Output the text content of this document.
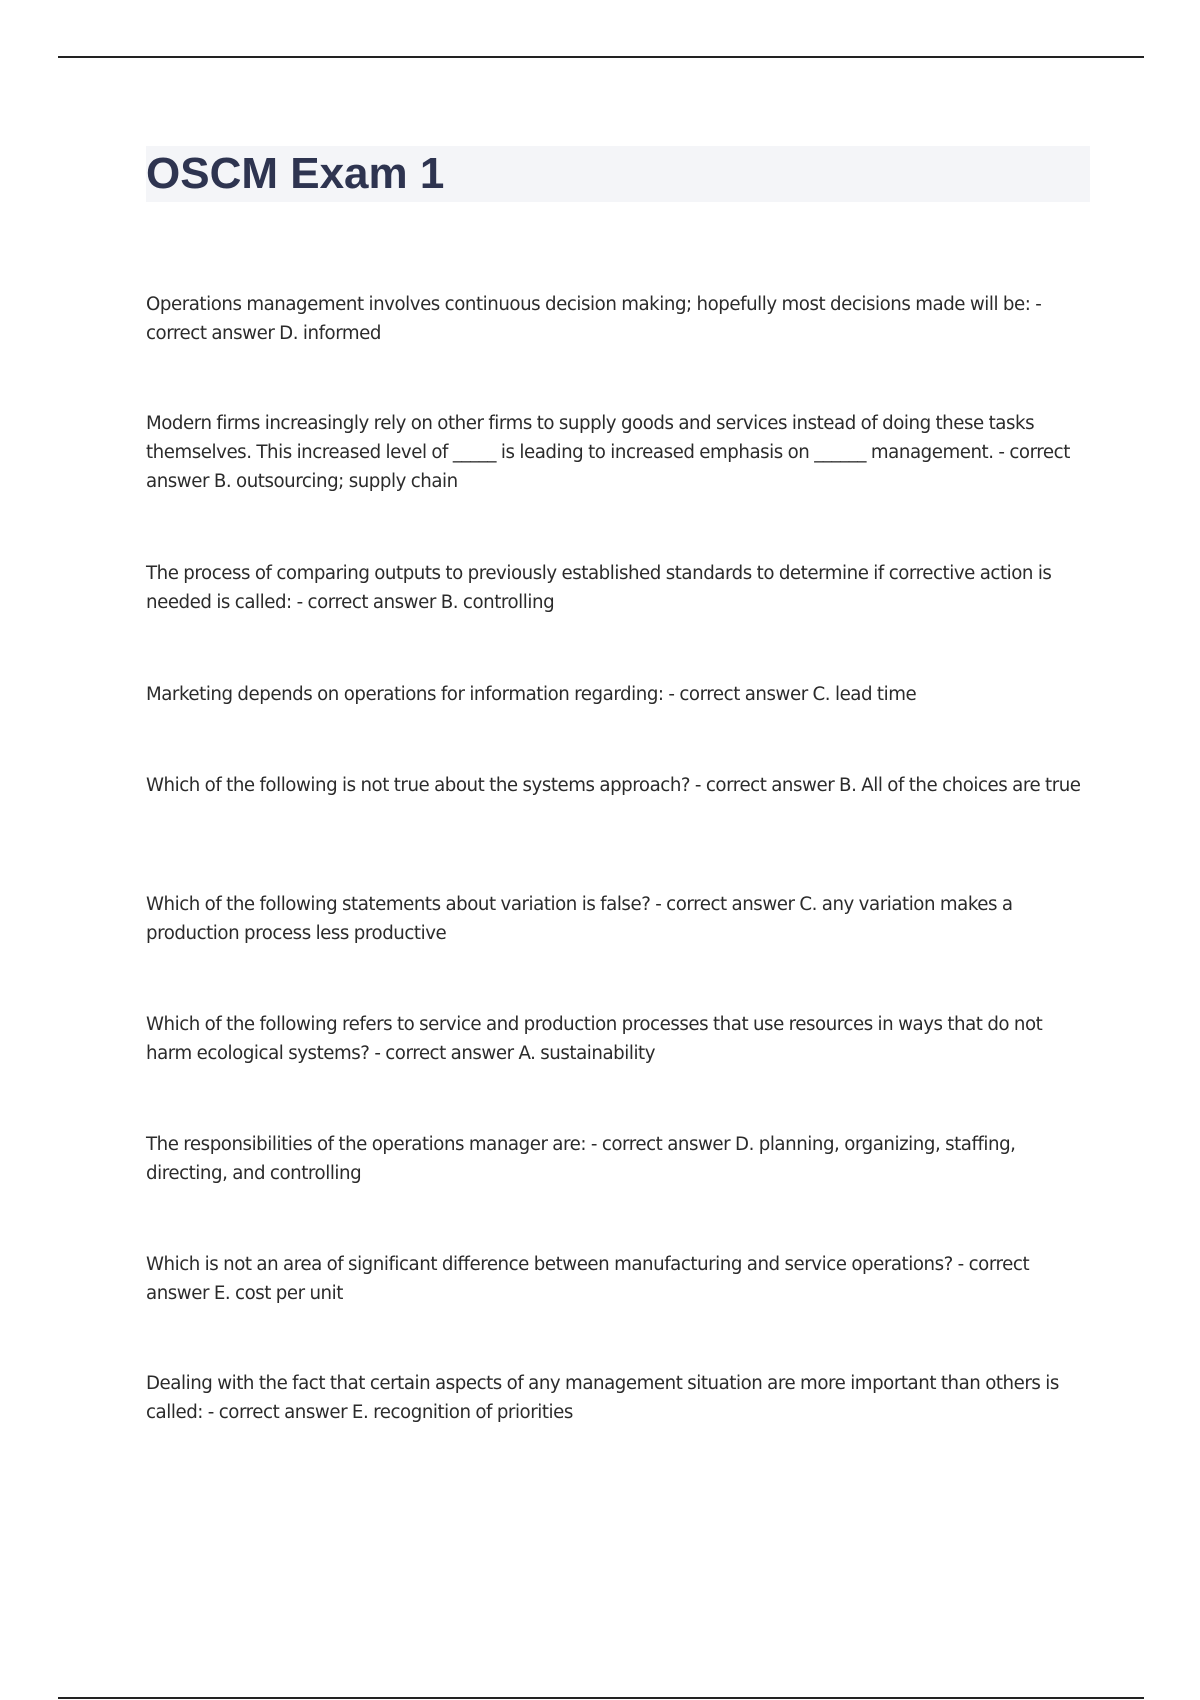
OSCM Exam 1

Operations management involves continuous decision making; hopefully most decisions made will be: - correct answer D. informed

Modern firms increasingly rely on other firms to supply goods and services instead of doing these tasks themselves. This increased level of _____ is leading to increased emphasis on ______ management. - correct answer B. outsourcing; supply chain

The process of comparing outputs to previously established standards to determine if corrective action is needed is called: - correct answer B. controlling

Marketing depends on operations for information regarding: - correct answer C. lead time

Which of the following is not true about the systems approach? - correct answer B. All of the choices are true

Which of the following statements about variation is false? - correct answer C. any variation makes a production process less productive

Which of the following refers to service and production processes that use resources in ways that do not harm ecological systems? - correct answer A. sustainability

The responsibilities of the operations manager are: - correct answer D. planning, organizing, staffing, directing, and controlling

Which is not an area of significant difference between manufacturing and service operations? - correct answer E. cost per unit

Dealing with the fact that certain aspects of any management situation are more important than others is called: - correct answer E. recognition of priorities
